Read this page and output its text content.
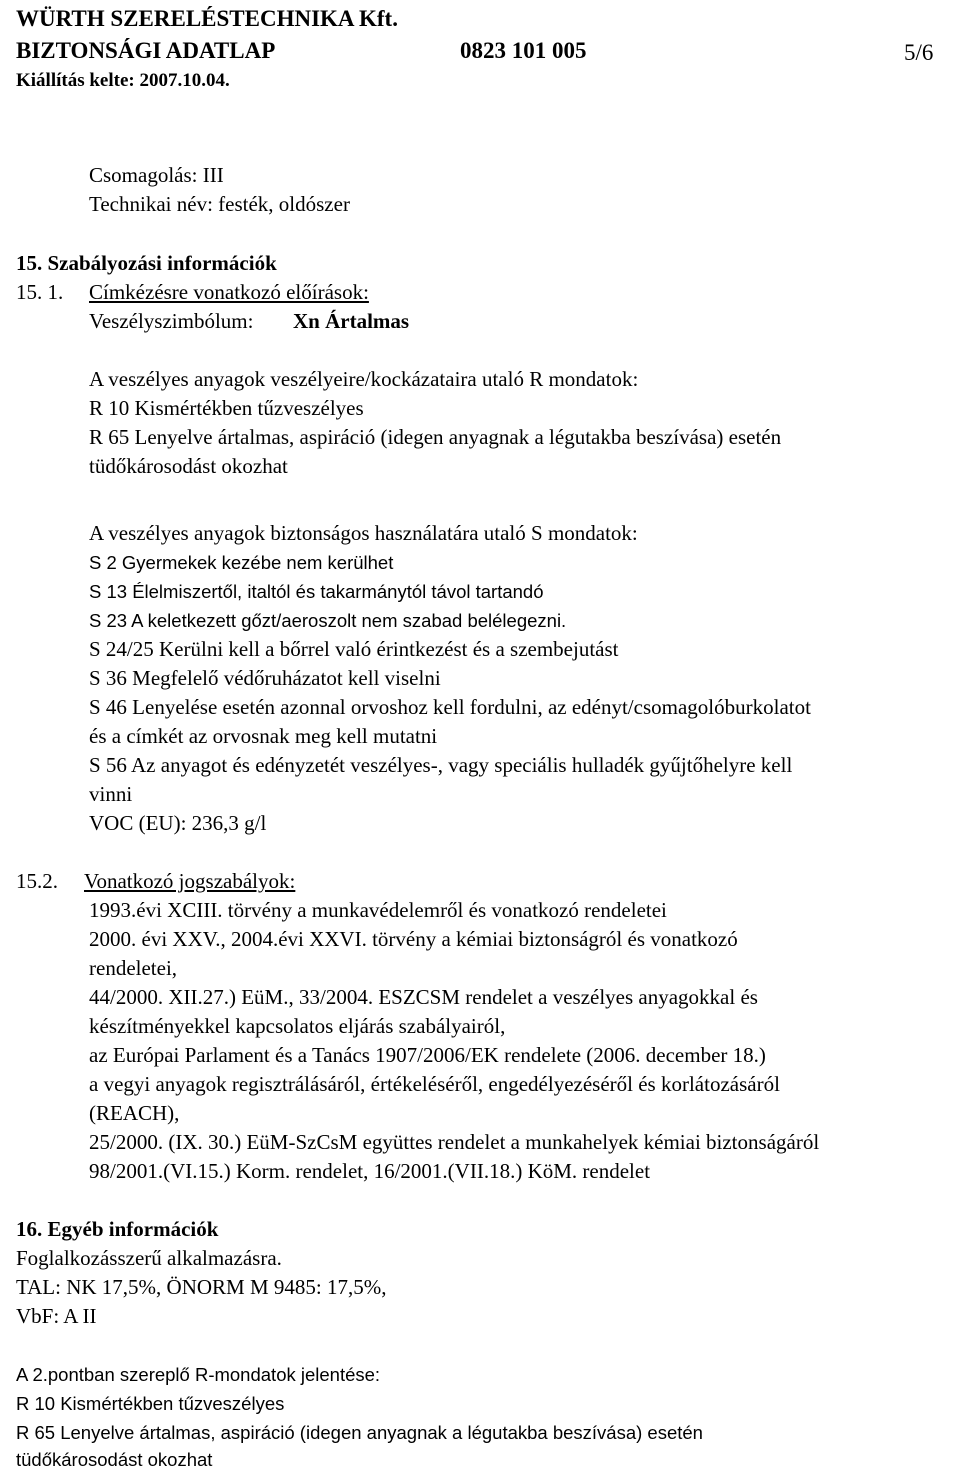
WÜRTH SZERELÉSTECHNIKA Kft.
BIZTONSÁGI ADATLAP	0823 101 005	5/6
Kiállítás kelte: 2007.10.04.
Csomagolás: III
Technikai név: festék, oldószer
15. Szabályozási információk
15. 1. Címkézésre vonatkozó előírások:
Veszélyszimbólum: Xn Ártalmas
A veszélyes anyagok veszélyeire/kockázataira utaló R mondatok:
R 10 Kismértékben tűzveszélyes
R 65 Lenyelve ártalmas, aspiráció (idegen anyagnak a légutakba beszívása) esetén
tüdőkárosodást okozhat
A veszélyes anyagok biztonságos használatára utaló S mondatok:
S 2 Gyermekek kezébe nem kerülhet
S 13 Élelmiszertől, italtól és takarmánytól távol tartandó
S 23 A keletkezett gőzt/aeroszolt nem szabad belélegezni.
S 24/25 Kerülni kell a bőrrel való érintkezést és a szembejutást
S 36 Megfelelő védőruházatot kell viselni
S 46 Lenyelése esetén azonnal orvoshoz kell fordulni, az edényt/csomagolóburkolatot
és a címkét az orvosnak meg kell mutatni
S 56 Az anyagot és edényzetét veszélyes-, vagy speciális hulladék gyűjtőhelyre kell
vinni
VOC (EU): 236,3 g/l
15.2. Vonatkozó jogszabályok:
1993.évi XCIII. törvény a munkavédelemről és vonatkozó rendeletei
2000. évi XXV., 2004.évi XXVI. törvény a kémiai biztonságról és vonatkozó
rendeletei,
44/2000. XII.27.) EüM., 33/2004. ESZCSM rendelet a veszélyes anyagokkal és
készítményekkel kapcsolatos eljárás szabályairól,
az Európai Parlament és a Tanács 1907/2006/EK rendelete (2006. december 18.)
a vegyi anyagok regisztrálásáról, értékeléséről, engedélyezéséről és korlátozásáról
(REACH),
25/2000. (IX. 30.) EüM-SzCsM együttes rendelet a munkahelyek kémiai biztonságáról
98/2001.(VI.15.) Korm. rendelet, 16/2001.(VII.18.) KöM. rendelet
16. Egyéb információk
Foglalkozásszerű alkalmazásra.
TAL: NK 17,5%, ÖNORM M 9485: 17,5%,
VbF: A II
A 2.pontban szereplő R-mondatok jelentése:
R 10 Kismértékben tűzveszélyes
R 65 Lenyelve ártalmas, aspiráció (idegen anyagnak a légutakba beszívása) esetén
tüdőkárosodást okozhat
